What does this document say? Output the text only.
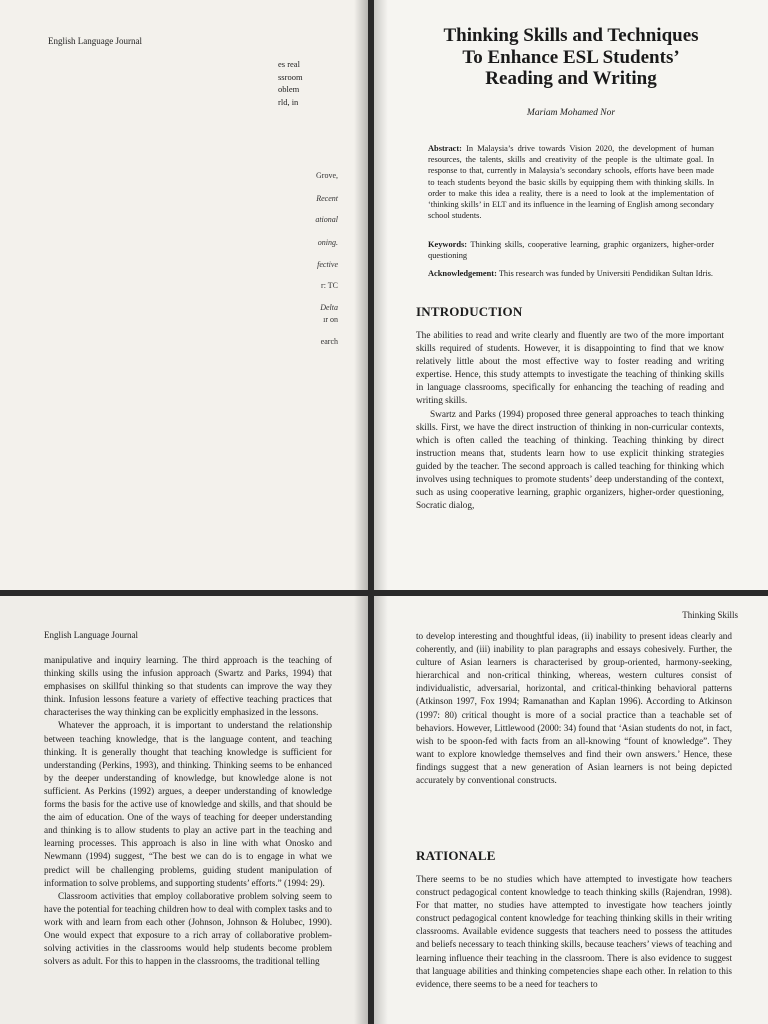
English Language Journal
es real
ssroom
oblem
rld, in
Grove,
Recent
ational
oning.
fective
r: TC
Delta
ır on
earch
Thinking Skills and Techniques
To Enhance ESL Students’
Reading and Writing
Mariam Mohamed Nor
Abstract: In Malaysia’s drive towards Vision 2020, the development of human resources, the talents, skills and creativity of the people is the ultimate goal. In response to that, currently in Malaysia’s secondary schools, efforts have been made to teach students beyond the basic skills by equipping them with thinking skills. In order to make this idea a reality, there is a need to look at the implementation of ‘thinking skills’ in ELT and its influence in the learning of English among secondary school students.
Keywords: Thinking skills, cooperative learning, graphic organizers, higher-order questioning
Acknowledgement: This research was funded by Universiti Pendidikan Sultan Idris.
INTRODUCTION

The abilities to read and write clearly and fluently are two of the more important skills required of students. However, it is disappointing to find that we know relatively little about the most effective way to foster reading and writing expertise. Hence, this study attempts to investigate the teaching of thinking skills in language classrooms, specifically for enhancing the teaching of reading and writing skills.

Swartz and Parks (1994) proposed three general approaches to teach thinking skills. First, we have the direct instruction of thinking in non-curricular contexts, which is often called the teaching of thinking. Teaching thinking by direct instruction means that, students learn how to use explicit thinking strategies guided by the teacher. The second approach is called teaching for thinking which involves using techniques to promote students’ deep understanding of the context, such as using cooperative learning, graphic organizers, higher-order questioning, Socratic dialog,

English Language Journal

manipulative and inquiry learning. The third approach is the teaching of thinking skills using the infusion approach (Swartz and Parks, 1994) that emphasises on skillful thinking so that students can improve the way they think. Infusion lessons feature a variety of effective teaching practices that characterises the way thinking can be explicitly emphasized in the lessons.

Whatever the approach, it is important to understand the relationship between teaching knowledge, that is the language content, and teaching thinking. It is generally thought that teaching knowledge is sufficient for understanding (Perkins, 1993), and thinking. Thinking seems to be enhanced by the deeper understanding of knowledge, but knowledge alone is not sufficient. As Perkins (1992) argues, a deeper understanding of knowledge forms the basis for the active use of knowledge and skills, and that should be the aim of education. One of the ways of teaching for deeper understanding and thinking is to allow students to play an active part in the teaching and learning processes. This approach is also in line with what Onosko and Newmann (1994) suggest, “The best we can do is to engage in what we predict will be challenging problems, guiding student manipulation of information to solve problems, and supporting students’ efforts.” (1994: 29).

Classroom activities that employ collaborative problem solving seem to have the potential for teaching children how to deal with complex tasks and to work with and learn from each other (Johnson, Johnson & Holubec, 1990). One would expect that exposure to a rich array of collaborative problem-solving activities in the classrooms would help students become problem solvers as adult. For this to happen in the classrooms, the traditional telling

Thinking Skills

to develop interesting and thoughtful ideas, (ii) inability to present ideas clearly and coherently, and (iii) inability to plan paragraphs and essays cohesively. Further, the culture of Asian learners is characterised by group-oriented, harmony-seeking, hierarchical and non-critical thinking, whereas, western cultures consist of individualistic, adversarial, horizontal, and critical-thinking behavioral patterns (Atkinson 1997, Fox 1994; Ramanathan and Kaplan 1996). According to Atkinson (1997: 80) critical thought is more of a social practice than a teachable set of behaviors. However, Littlewood (2000: 34) found that ‘Asian students do not, in fact, wish to be spoon-fed with facts from an all-knowing “fount of knowledge”. They want to explore knowledge themselves and find their own answers.’ Hence, these findings suggest that a new generation of Asian learners is not being depicted accurately by conventional constructs.

RATIONALE

There seems to be no studies which have attempted to investigate how teachers construct pedagogical content knowledge to teach thinking skills (Rajendran, 1998). For that matter, no studies have attempted to investigate how teachers jointly construct pedagogical content knowledge for teaching thinking skills in their writing classrooms. Available evidence suggests that teachers need to possess the attitudes and beliefs necessary to teach thinking skills, because teachers’ views of teaching and learning influence their teaching in the classroom. There is also evidence to suggest that language abilities and thinking competencies shape each other. In relation to this evidence, there seems to be a need for teachers to
